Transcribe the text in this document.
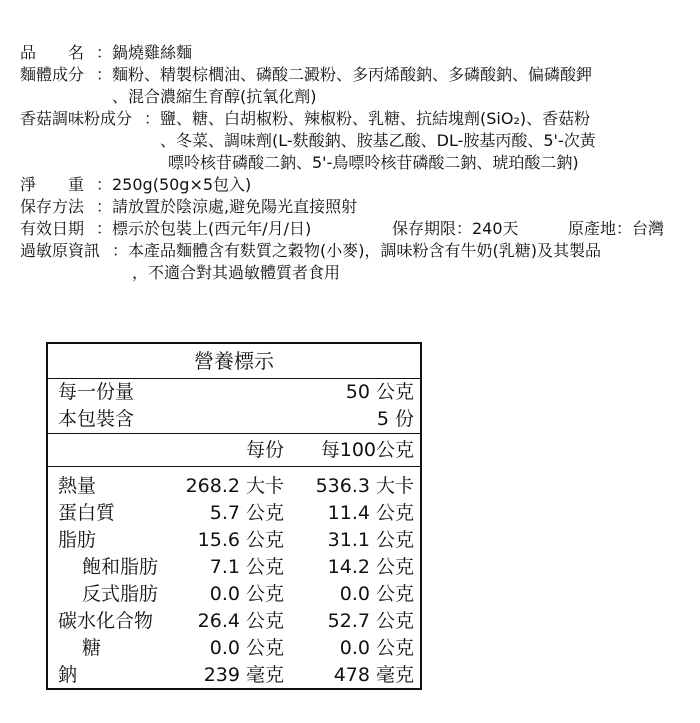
品　　名 ： 鍋燒雞絲麵
麵體成分 ： 麵粉、精製棕櫚油、磷酸二澱粉、多丙烯酸鈉、多磷酸鈉、偏磷酸鉀
、混合濃縮生育醇(抗氧化劑)
香菇調味粉成分 ： 鹽、糖、白胡椒粉、辣椒粉、乳糖、抗結塊劑(SiO₂)、香菇粉
、冬菜、調味劑(L-麩酸鈉、胺基乙酸、DL-胺基丙酸、5'-次黃
嘌呤核苷磷酸二鈉、5'-鳥嘌呤核苷磷酸二鈉、琥珀酸二鈉)
淨　　重 ： 250g(50g×5包入)
保存方法 ： 請放置於陰涼處,避免陽光直接照射
有效日期 ： 標示於包裝上(西元年/月/日)	保存期限：240天	原產地：台灣
過敏原資訊 ： 本產品麵體含有麩質之穀物(小麥)，調味粉含有牛奶(乳糖)及其製品
，不適合對其過敏體質者食用
營養標示
每一份量	50 公克
本包裝含	5 份
每份 每100公克
熱量	268.2 大卡 536.3 大卡
蛋白質	5.7 公克 11.4 公克
脂肪	15.6 公克 31.1 公克
飽和脂肪	7.1 公克 14.2 公克
反式脂肪	0.0 公克	0.0 公克
碳水化合物 26.4 公克 52.7 公克
糖	0.0 公克	0.0 公克
鈉	239 毫克	478 毫克
